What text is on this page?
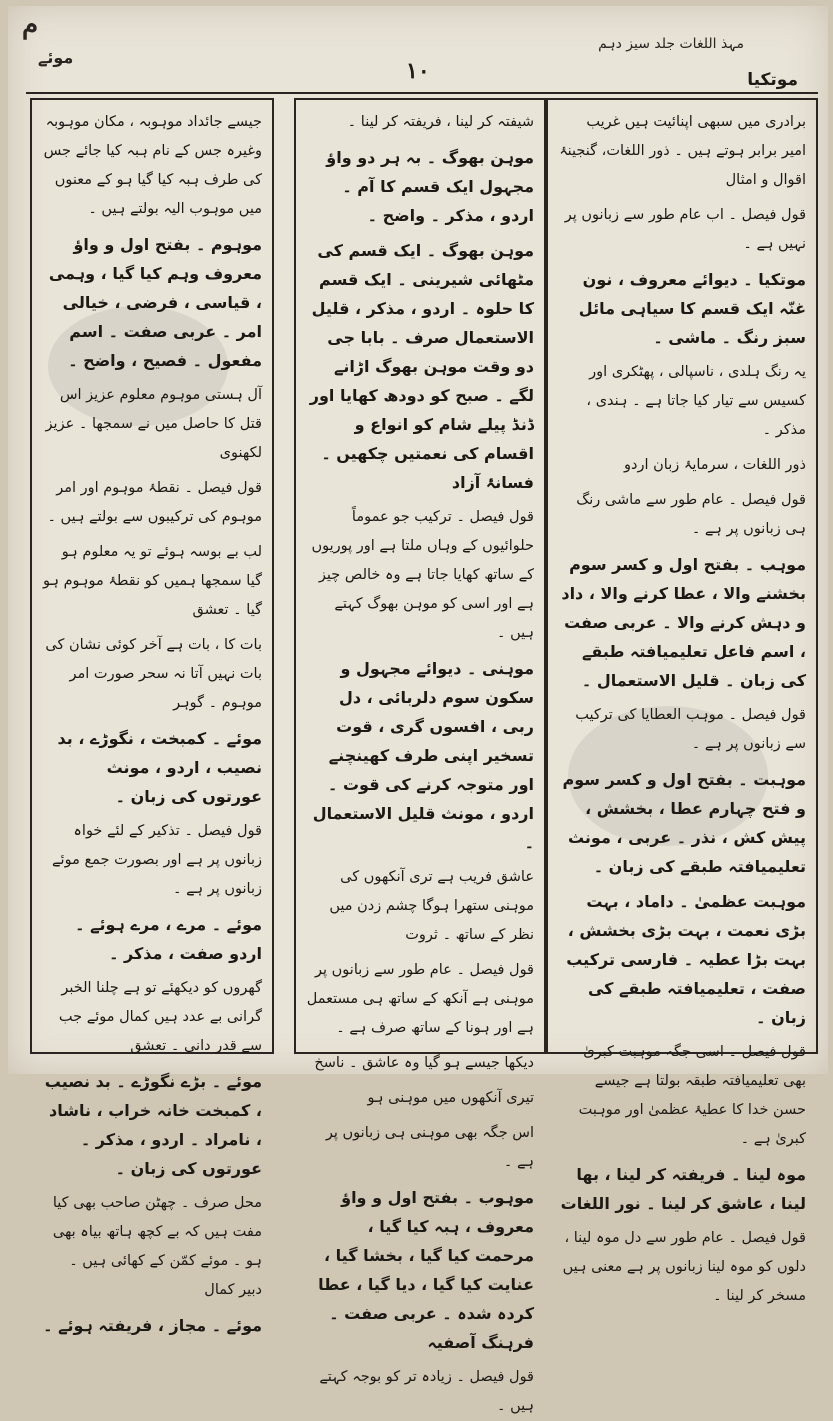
م
موئے
١٠
مہذ اللغات جلد سیز دہم
موتکیا

برادری میں سبھی اپنائیت ہیں غریب امیر برابر ہوتے ہیں ۔ ذور اللغات، گنجینۂ اقوال و امثال

قول فیصل ۔ اب عام طور سے زبانوں پر نہیں ہے ۔

موتکیا ۔ دیوائے معروف ، نون غنّہ ایک قسم کا سیاہی مائل سبز رنگ ۔ ماشی ۔

یہ رنگ ہلدی ، ناسپالی ، پھٹکری اور کسیس سے تیار کیا جاتا ہے ۔ ہندی ، مذکر ۔

ذور اللغات ، سرمایۂ زبان اردو

قول فیصل ۔ عام طور سے ماشی رنگ ہی زبانوں پر ہے ۔

موہب ۔ بفتح اول و کسر سوم بخشنے والا ، عطا کرنے والا ، داد و دہش کرنے والا ۔ عربی صفت ، اسم فاعل تعلیمیافتہ طبقے کی زبان ۔ قلیل الاستعمال ۔

قول فیصل ۔ موہب العطایا کی ترکیب سے زبانوں پر ہے ۔

موہبت ۔ بفتح اول و کسر سوم و فتح چہارم عطا ، بخشش ، پیش کش ، نذر ۔ عربی ، مونث تعلیمیافتہ طبقے کی زبان ۔

موہبت عظمیٰ ۔ داماد ، بہت بڑی نعمت ، بہت بڑی بخشش ، بہت بڑا عطیہ ۔ فارسی ترکیب صفت ، تعلیمیافتہ طبقے کی زبان ۔

قول فیصل ۔ اسی جگہ موہبت کبریٰ بھی تعلیمیافتہ طبقہ بولتا ہے جیسے حسن خدا کا عطیۂ عظمیٰ اور موہبت کبریٰ ہے ۔

موہ لینا ۔ فریفتہ کر لینا ، بھا لینا ، عاشق کر لینا ۔ نور اللغات

قول فیصل ۔ عام طور سے دل موہ لینا ، دلوں کو موہ لینا زبانوں پر ہے معنی ہیں مسخر کر لینا ۔

شیفتہ کر لینا ، فریفتہ کر لینا ۔

موہن بھوگ ۔ بہ ہر دو واؤ مجہول ایک قسم کا آم ۔ اردو ، مذکر ۔ واضح ۔

موہن بھوگ ۔ ایک قسم کی مٹھائی شیرینی ۔ ایک قسم کا حلوہ ۔ اردو ، مذکر ، قلیل الاستعمال صرف ۔ بابا جی دو وقت موہن بھوگ اڑانے لگے ۔ صبح کو دودھ کھایا اور ڈنڈ پیلے شام کو انواع و اقسام کی نعمتیں چکھیں ۔ فسانۂ آزاد

قول فیصل ۔ ترکیب جو عموماً حلوائیوں کے وہاں ملتا ہے اور پوریوں کے ساتھ کھایا جاتا ہے وہ خالص چیز ہے اور اسی کو موہن بھوگ کہتے ہیں ۔

موہنی ۔ دیوائے مجہول و سکون سوم دلربائی ، دل ربی ، افسوں گری ، قوت تسخیر اپنی طرف کھینچنے اور متوجہ کرنے کی قوت ۔ اردو ، مونث قلیل الاستعمال ۔

عاشق فریب ہے تری آنکھوں کی موہنی ستھرا ہوگا چشم زدن میں نظر کے ساتھ ۔ ثروت

قول فیصل ۔ عام طور سے زبانوں پر موہنی ہے آنکھ کے ساتھ ہی مستعمل ہے اور ہونا کے ساتھ صرف ہے ۔

دیکھا جیسے ہو گیا وہ عاشق ۔ ناسخ

تیری آنکھوں میں موہنی ہو

اس جگہ بھی موہنی ہی زبانوں پر ہے ۔

موہوب ۔ بفتح اول و واؤ معروف ، ہبہ کیا گیا ، مرحمت کیا گیا ، بخشا گیا ، عنایت کیا گیا ، دیا گیا ، عطا کردہ شدہ ۔ عربی صفت ۔ فرہنگ آصفیہ

قول فیصل ۔ زیادہ تر کو بوجہ کہتے ہیں ۔

جیسے جائداد موہوبہ ، مکان موہوبہ وغیرہ جس کے نام ہبہ کیا جائے جس کی طرف ہبہ کیا گیا ہو کے معنوں میں موہوب الیہ بولتے ہیں ۔

موہوم ۔ بفتح اول و واؤ معروف وہم کیا گیا ، وہمی ، قیاسی ، فرضی ، خیالی امر ۔ عربی صفت ۔ اسم مفعول ۔ فصیح ، واضح ۔

آل ہستی موہوم معلوم عزیز اس قتل کا حاصل میں نے سمجھا ۔ عزیز لکھنوی

قول فیصل ۔ نقطۂ موہوم اور امر موہوم کی ترکیبوں سے بولتے ہیں ۔

لب بے بوسہ ہوئے تو یہ معلوم ہو گیا سمجھا ہمیں کو نقطۂ موہوم ہو گیا ۔ تعشق

بات کا ، بات ہے آخر کوئی نشان کی بات نہیں آتا نہ سحر صورت امر موہوم ۔ گوہر

موئے ۔ کمبخت ، نگوڑے ، بد نصیب ، اردو ، مونث عورتوں کی زبان ۔

قول فیصل ۔ تذکیر کے لئے خواہ زبانوں پر ہے اور بصورت جمع موئے زبانوں پر ہے ۔

موئے ۔ مرے ، مرے ہوئے ۔ اردو صفت ، مذکر ۔

گھروں کو دیکھئے تو ہے چلنا الخبر گرانی بے عدد ہیں کمال موئے جب سے قدر دانی ۔ تعشق

موئے ۔ بڑے نگوڑے ۔ بد نصیب ، کمبخت خانہ خراب ، ناشاد ، نامراد ۔ اردو ، مذکر ۔ عورتوں کی زبان ۔

محل صرف ۔ چھٹن صاحب بھی کیا مفت ہیں کہ بے کچھ ہاتھ بیاہ بھی ہو ۔ موئے کمّن کے کھائی ہیں ۔ دبیر کمال

موئے ۔ مجاز ، فریفتہ ہوئے ۔
